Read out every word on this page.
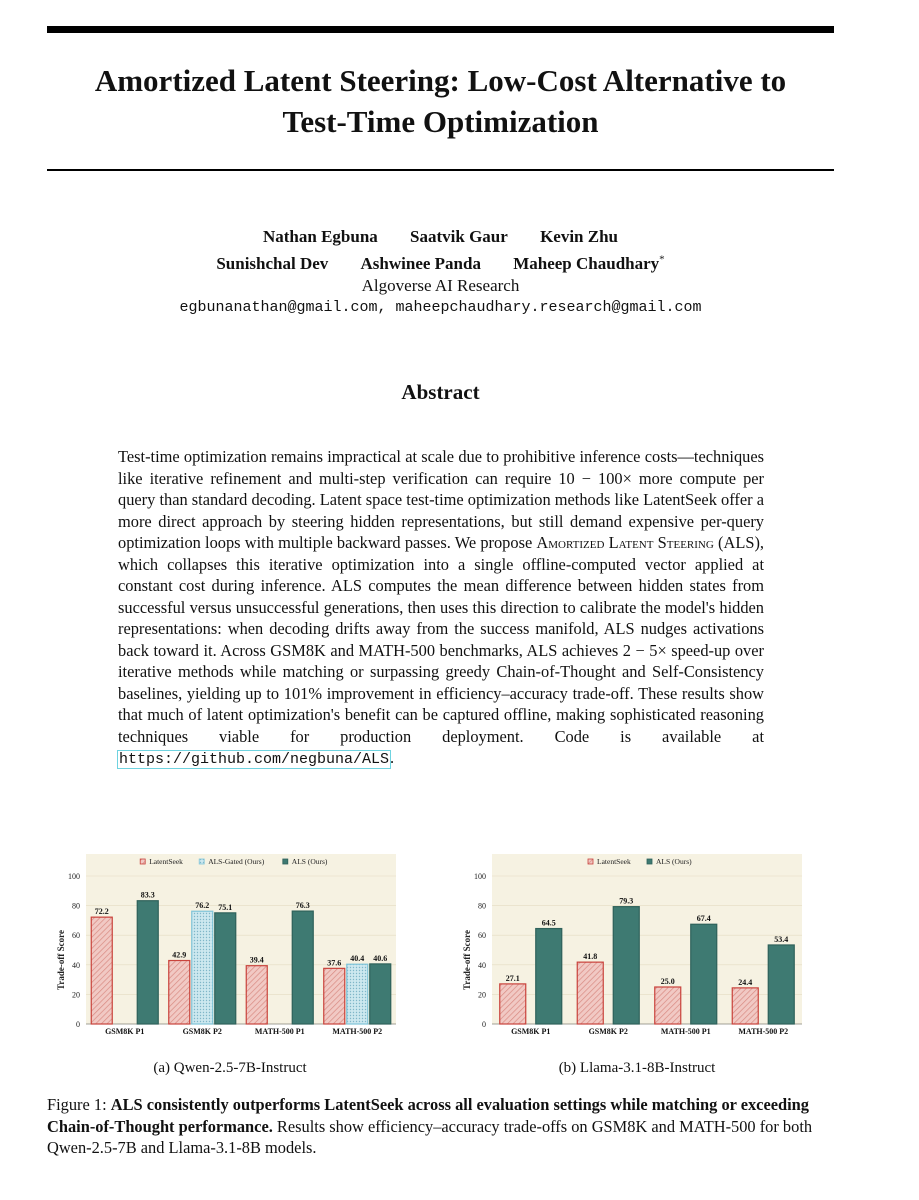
Amortized Latent Steering: Low-Cost Alternative to
Test-Time Optimization
Nathan Egbuna Saatvik Gaur Kevin Zhu
Sunishchal Dev Ashwinee Panda Maheep Chaudhary*
Algoverse AI Research
egbunanathan@gmail.com, maheepchaudhary.research@gmail.com
Abstract
Test-time optimization remains impractical at scale due to prohibitive inference costs—techniques like iterative refinement and multi-step verification can require 10 − 100× more compute per query than standard decoding. Latent space test-time optimization methods like LatentSeek offer a more direct approach by steering hidden representations, but still demand expensive per-query optimization loops with multiple backward passes. We propose Amortized Latent Steering (ALS), which collapses this iterative optimization into a single offline-computed vector applied at constant cost during inference. ALS computes the mean difference between hidden states from successful versus unsuccessful generations, then uses this direction to calibrate the model's hidden representations: when decoding drifts away from the success manifold, ALS nudges activations back toward it. Across GSM8K and MATH-500 benchmarks, ALS achieves 2 − 5× speed-up over iterative methods while matching or surpassing greedy Chain-of-Thought and Self-Consistency baselines, yielding up to 101% improvement in efficiency–accuracy trade-off. These results show that much of latent optimization's benefit can be captured offline, making sophisticated reasoning techniques viable for production deployment. Code is available at https://github.com/negbuna/ALS.
0
20
40
60
80
100
Trade-off Score
72.2
83.3
GSM8K P1
42.9
76.2 75.1
GSM8K P2
39.4
76.3
MATH-500 P1
37.6 40.4 40.6
MATH-500 P2
LatentSeek	ALS-Gated (Ours)	ALS (Ours)
0
20
40
60
80
100
Trade-off Score	27.1
64.5
GSM8K P1
41.8
79.3
GSM8K P2
25.0
67.4
MATH-500 P1
24.4
53.4
MATH-500 P2
LatentSeek	ALS (Ours)
(a) Qwen-2.5-7B-Instruct	(b) Llama-3.1-8B-Instruct
Figure 1: ALS consistently outperforms LatentSeek across all evaluation settings while matching or exceeding Chain-of-Thought performance. Results show efficiency–accuracy trade-offs on GSM8K and MATH-500 for both Qwen-2.5-7B and Llama-3.1-8B models.
